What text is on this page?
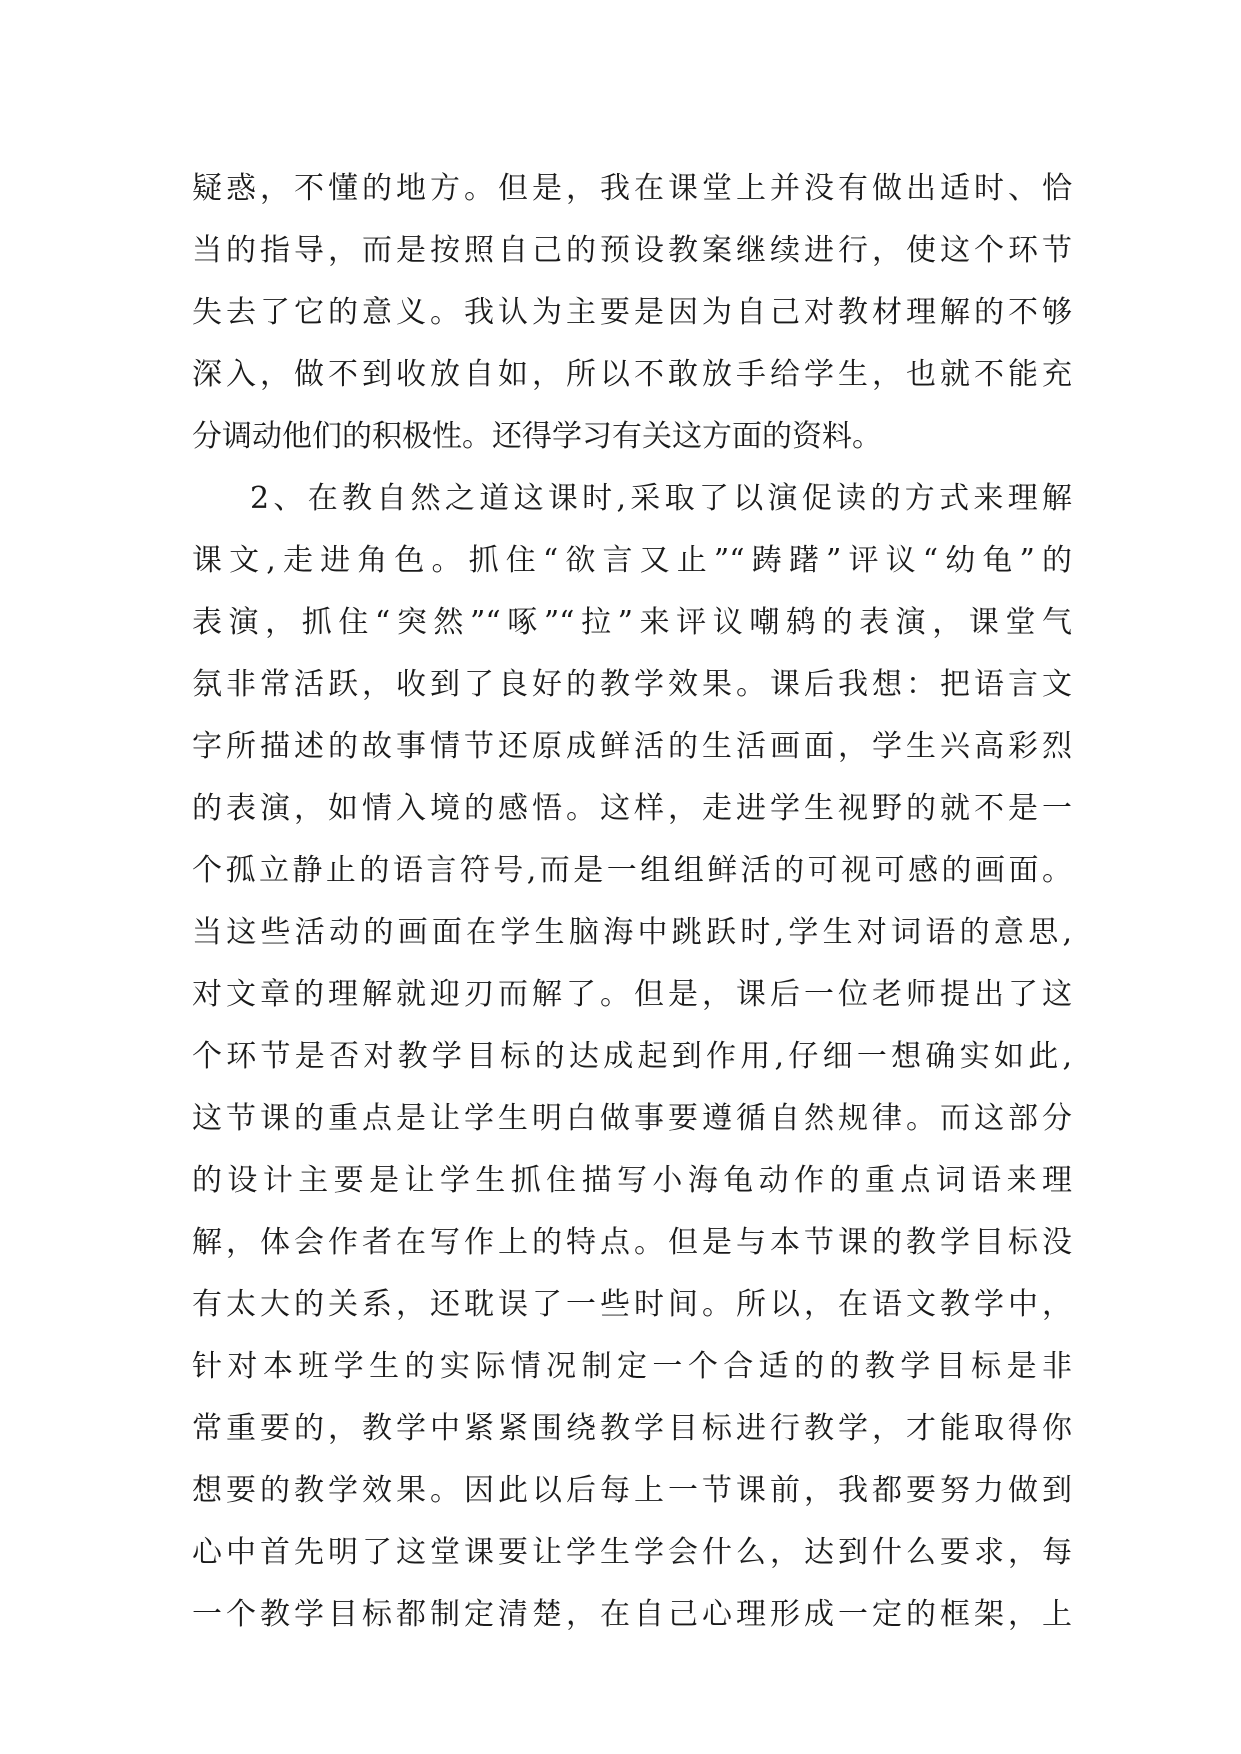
疑惑，不懂的地方。但是，我在课堂上并没有做出适时、恰
当的指导，而是按照自己的预设教案继续进行，使这个环节
失去了它的意义。我认为主要是因为自己对教材理解的不够
深入，做不到收放自如，所以不敢放手给学生，也就不能充
分调动他们的积极性。还得学习有关这方面的资料。
2、在教自然之道这课时,采取了以演促读的方式来理解
课文,走进角色。抓住“欲言又止”“踌躇”评议“幼龟”的
表演，抓住“突然”“啄”“拉”来评议嘲鸫的表演，课堂气
氛非常活跃，收到了良好的教学效果。课后我想：把语言文
字所描述的故事情节还原成鲜活的生活画面，学生兴高彩烈
的表演，如情入境的感悟。这样，走进学生视野的就不是一
个孤立静止的语言符号,而是一组组鲜活的可视可感的画面。
当这些活动的画面在学生脑海中跳跃时,学生对词语的意思,
对文章的理解就迎刃而解了。但是，课后一位老师提出了这
个环节是否对教学目标的达成起到作用,仔细一想确实如此,
这节课的重点是让学生明白做事要遵循自然规律。而这部分
的设计主要是让学生抓住描写小海龟动作的重点词语来理
解，体会作者在写作上的特点。但是与本节课的教学目标没
有太大的关系，还耽误了一些时间。所以，在语文教学中，
针对本班学生的实际情况制定一个合适的的教学目标是非
常重要的，教学中紧紧围绕教学目标进行教学，才能取得你
想要的教学效果。因此以后每上一节课前，我都要努力做到
心中首先明了这堂课要让学生学会什么，达到什么要求，每
一个教学目标都制定清楚，在自己心理形成一定的框架，上
